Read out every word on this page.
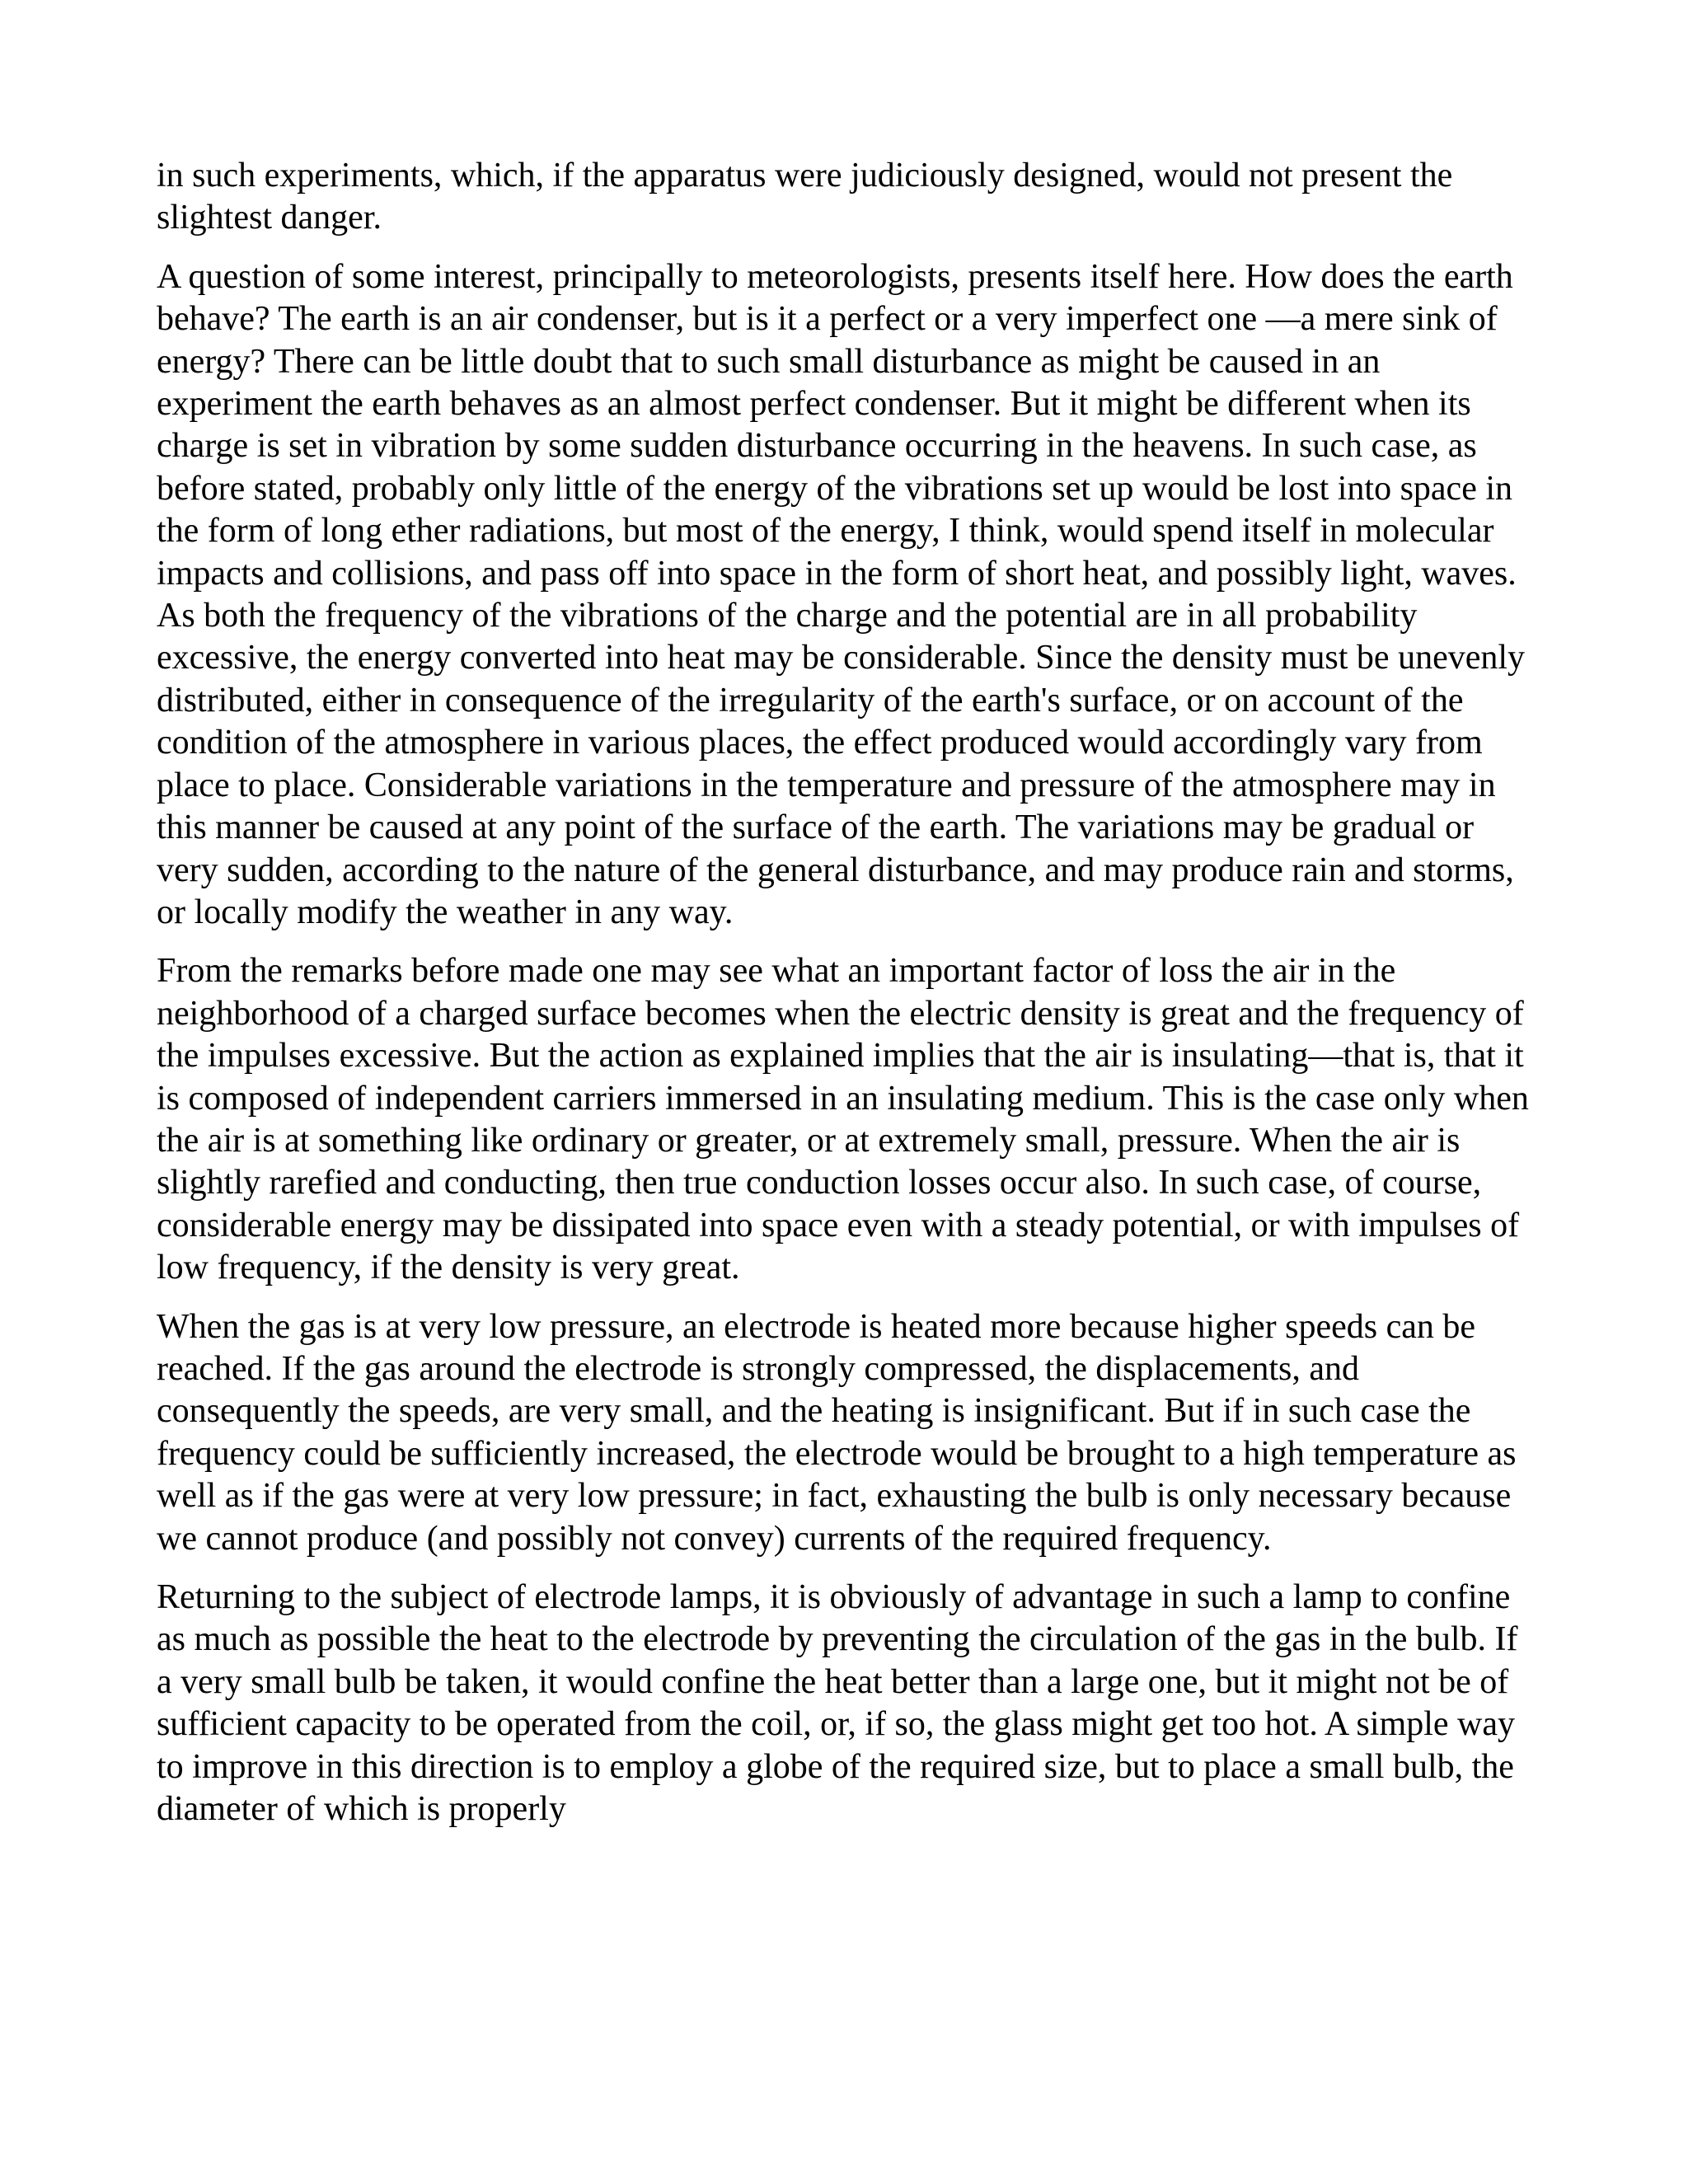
in such experiments, which, if the apparatus were judiciously designed, would not present the slightest danger.

A question of some interest, principally to meteorologists, presents itself here. How does the earth behave? The earth is an air condenser, but is it a perfect or a very imperfect one —a mere sink of energy? There can be little doubt that to such small disturbance as might be caused in an experiment the earth behaves as an almost perfect condenser. But it might be different when its charge is set in vibration by some sudden disturbance occurring in the heavens. In such case, as before stated, probably only little of the energy of the vibrations set up would be lost into space in the form of long ether radiations, but most of the energy, I think, would spend itself in molecular impacts and collisions, and pass off into space in the form of short heat, and possibly light, waves. As both the frequency of the vibrations of the charge and the potential are in all probability excessive, the energy converted into heat may be considerable. Since the density must be unevenly distributed, either in consequence of the irregularity of the earth's surface, or on account of the condition of the atmosphere in various places, the effect produced would accordingly vary from place to place. Considerable variations in the temperature and pressure of the atmosphere may in this manner be caused at any point of the surface of the earth. The variations may be gradual or very sudden, according to the nature of the general disturbance, and may produce rain and storms, or locally modify the weather in any way.

From the remarks before made one may see what an important factor of loss the air in the neighborhood of a charged surface becomes when the electric density is great and the frequency of the impulses excessive. But the action as explained implies that the air is insulating—that is, that it is composed of independent carriers immersed in an insulating medium. This is the case only when the air is at something like ordinary or greater, or at extremely small, pressure. When the air is slightly rarefied and conducting, then true conduction losses occur also. In such case, of course, considerable energy may be dissipated into space even with a steady potential, or with impulses of low frequency, if the density is very great.

When the gas is at very low pressure, an electrode is heated more because higher speeds can be reached. If the gas around the electrode is strongly compressed, the displacements, and consequently the speeds, are very small, and the heating is insignificant. But if in such case the frequency could be sufficiently increased, the electrode would be brought to a high temperature as well as if the gas were at very low pressure; in fact, exhausting the bulb is only necessary because we cannot produce (and possibly not convey) currents of the required frequency.

Returning to the subject of electrode lamps, it is obviously of advantage in such a lamp to confine as much as possible the heat to the electrode by preventing the circulation of the gas in the bulb. If a very small bulb be taken, it would confine the heat better than a large one, but it might not be of sufficient capacity to be operated from the coil, or, if so, the glass might get too hot. A simple way to improve in this direction is to employ a globe of the required size, but to place a small bulb, the diameter of which is properly
